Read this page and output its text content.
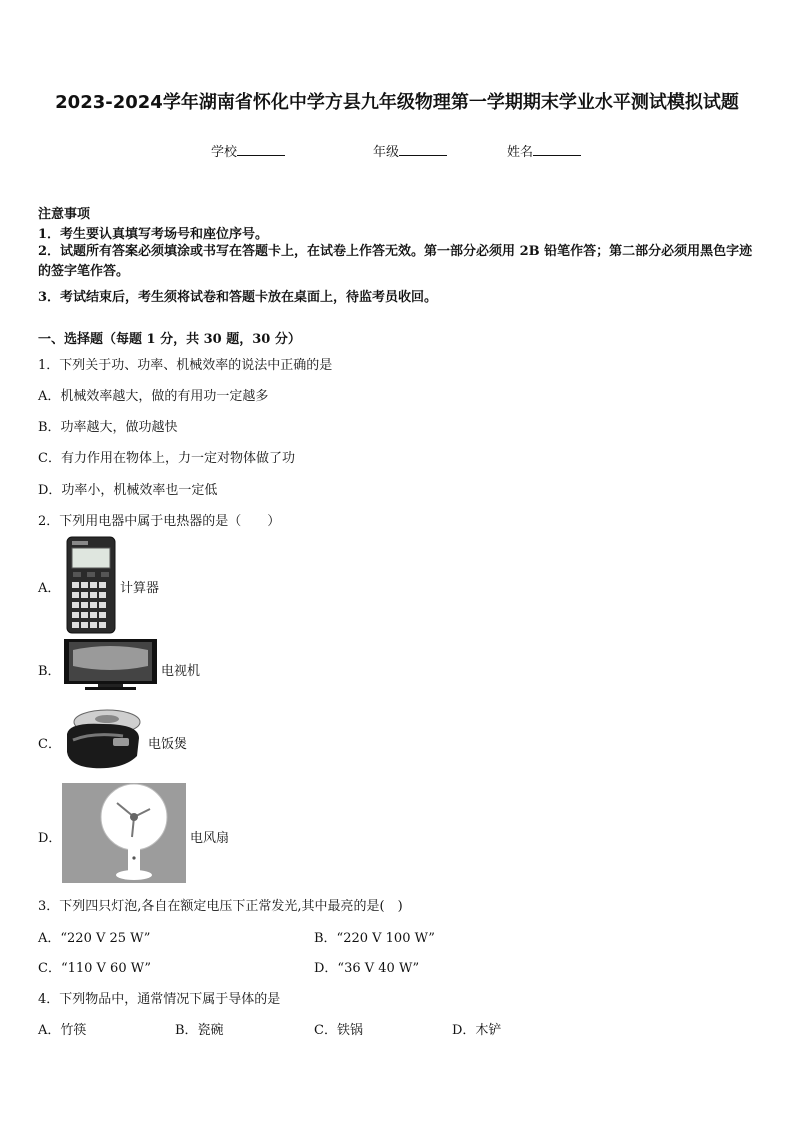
2023-2024学年湖南省怀化中学方县九年级物理第一学期期末学业水平测试模拟试题
学校	年级	姓名
注意事项
1．考生要认真填写考场号和座位序号。
2．试题所有答案必须填涂或书写在答题卡上，在试卷上作答无效。第一部分必须用 2B 铅笔作答；第二部分必须用黑色字迹的签字笔作答。
3．考试结束后，考生须将试卷和答题卡放在桌面上，待监考员收回。
一、选择题（每题 1 分，共 30 题，30 分）
1．下列关于功、功率、机械效率的说法中正确的是
A．机械效率越大，做的有用功一定越多
B．功率越大，做功越快
C．有力作用在物体上，力一定对物体做了功
D．功率小，机械效率也一定低
2．下列用电器中属于电热器的是（　　）
A．	计算器
B．	电视机
C．	电饭煲
D．	电风扇
3．下列四只灯泡,各自在额定电压下正常发光,其中最亮的是(　)
A．“220 V 25 W”	B．“220 V 100 W”
C．“110 V 60 W”	D．“36 V 40 W”
4．下列物品中，通常情况下属于导体的是
A．竹筷	B．瓷碗	C．铁锅	D．木铲
